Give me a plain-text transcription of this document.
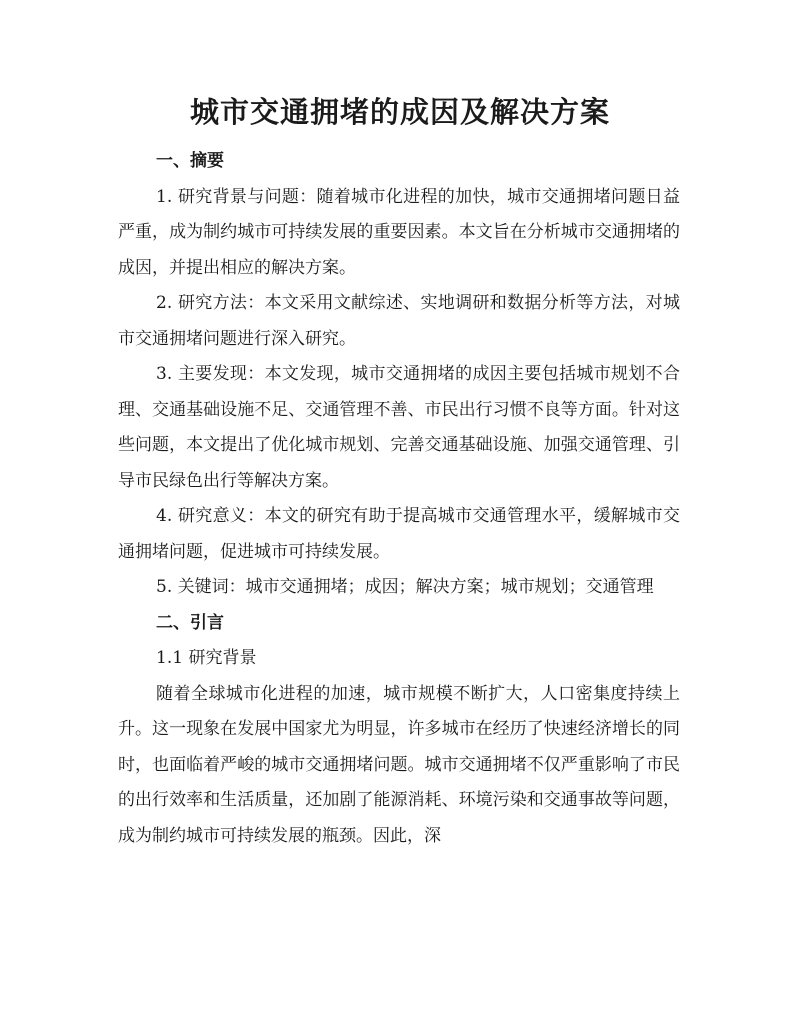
城市交通拥堵的成因及解决方案
一、摘要

1. 研究背景与问题：随着城市化进程的加快，城市交通拥堵问题日益严重，成为制约城市可持续发展的重要因素。本文旨在分析城市交通拥堵的成因，并提出相应的解决方案。

2. 研究方法：本文采用文献综述、实地调研和数据分析等方法，对城市交通拥堵问题进行深入研究。

3. 主要发现：本文发现，城市交通拥堵的成因主要包括城市规划不合理、交通基础设施不足、交通管理不善、市民出行习惯不良等方面。针对这些问题，本文提出了优化城市规划、完善交通基础设施、加强交通管理、引导市民绿色出行等解决方案。

4. 研究意义：本文的研究有助于提高城市交通管理水平，缓解城市交通拥堵问题，促进城市可持续发展。

5. 关键词：城市交通拥堵；成因；解决方案；城市规划；交通管理

二、引言
1.1 研究背景

随着全球城市化进程的加速，城市规模不断扩大，人口密集度持续上升。这一现象在发展中国家尤为明显，许多城市在经历了快速经济增长的同时，也面临着严峻的城市交通拥堵问题。城市交通拥堵不仅严重影响了市民的出行效率和生活质量，还加剧了能源消耗、环境污染和交通事故等问题，成为制约城市可持续发展的瓶颈。因此，深
